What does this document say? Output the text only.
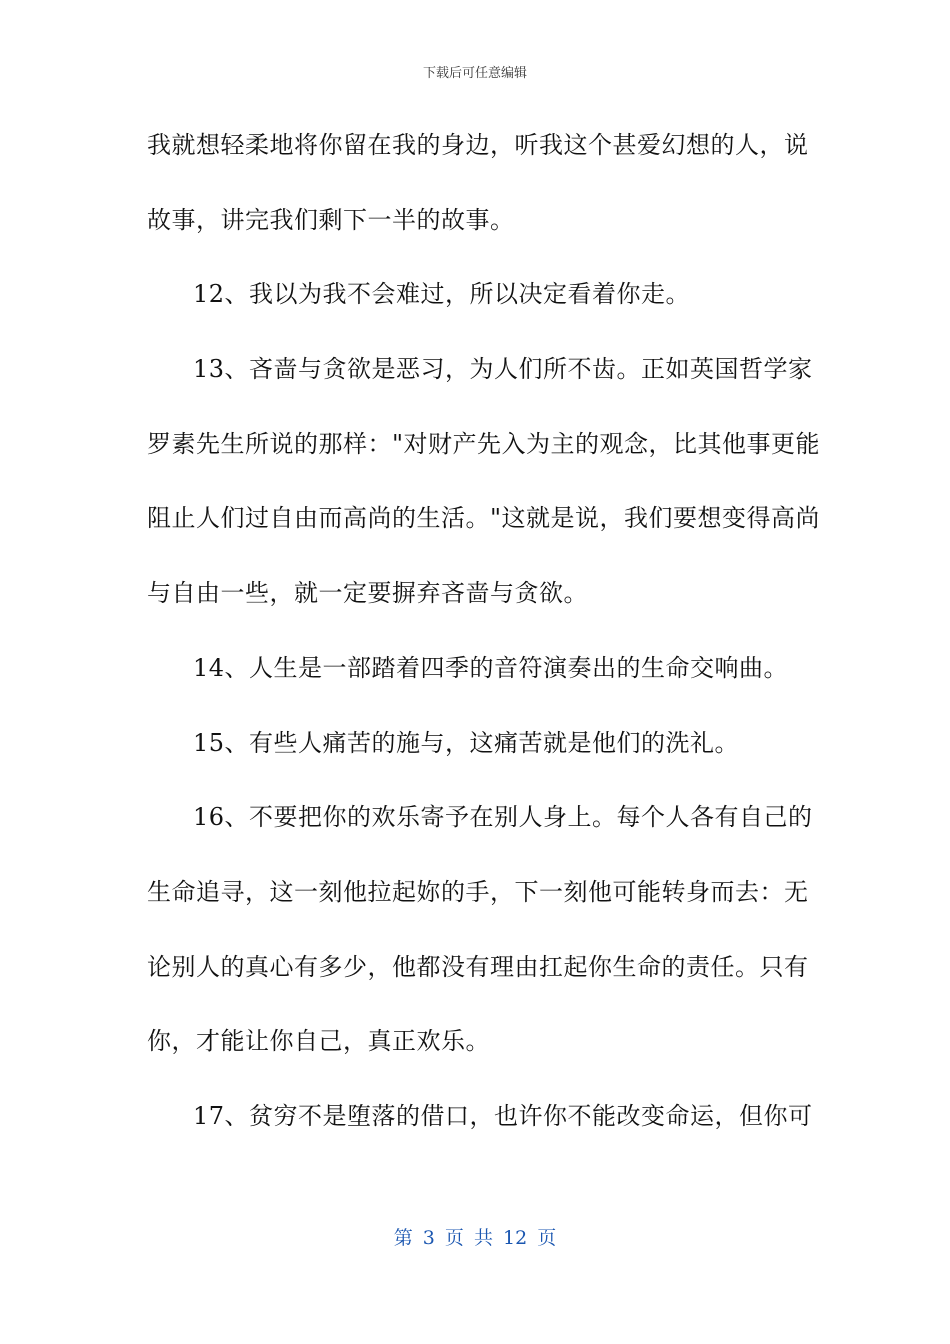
下载后可任意编辑
我就想轻柔地将你留在我的身边，听我这个甚爱幻想的人，说
故事，讲完我们剩下一半的故事。
12、我以为我不会难过，所以决定看着你走。
13、吝啬与贪欲是恶习，为人们所不齿。正如英国哲学家
罗素先生所说的那样："对财产先入为主的观念，比其他事更能
阻止人们过自由而高尚的生活。"这就是说，我们要想变得高尚
与自由一些，就一定要摒弃吝啬与贪欲。
14、人生是一部踏着四季的音符演奏出的生命交响曲。
15、有些人痛苦的施与，这痛苦就是他们的洗礼。
16、不要把你的欢乐寄予在别人身上。每个人各有自己的
生命追寻，这一刻他拉起妳的手，下一刻他可能转身而去：无
论别人的真心有多少，他都没有理由扛起你生命的责任。只有
你，才能让你自己，真正欢乐。
17、贫穷不是堕落的借口，也许你不能改变命运，但你可
第 3 页 共 12 页
